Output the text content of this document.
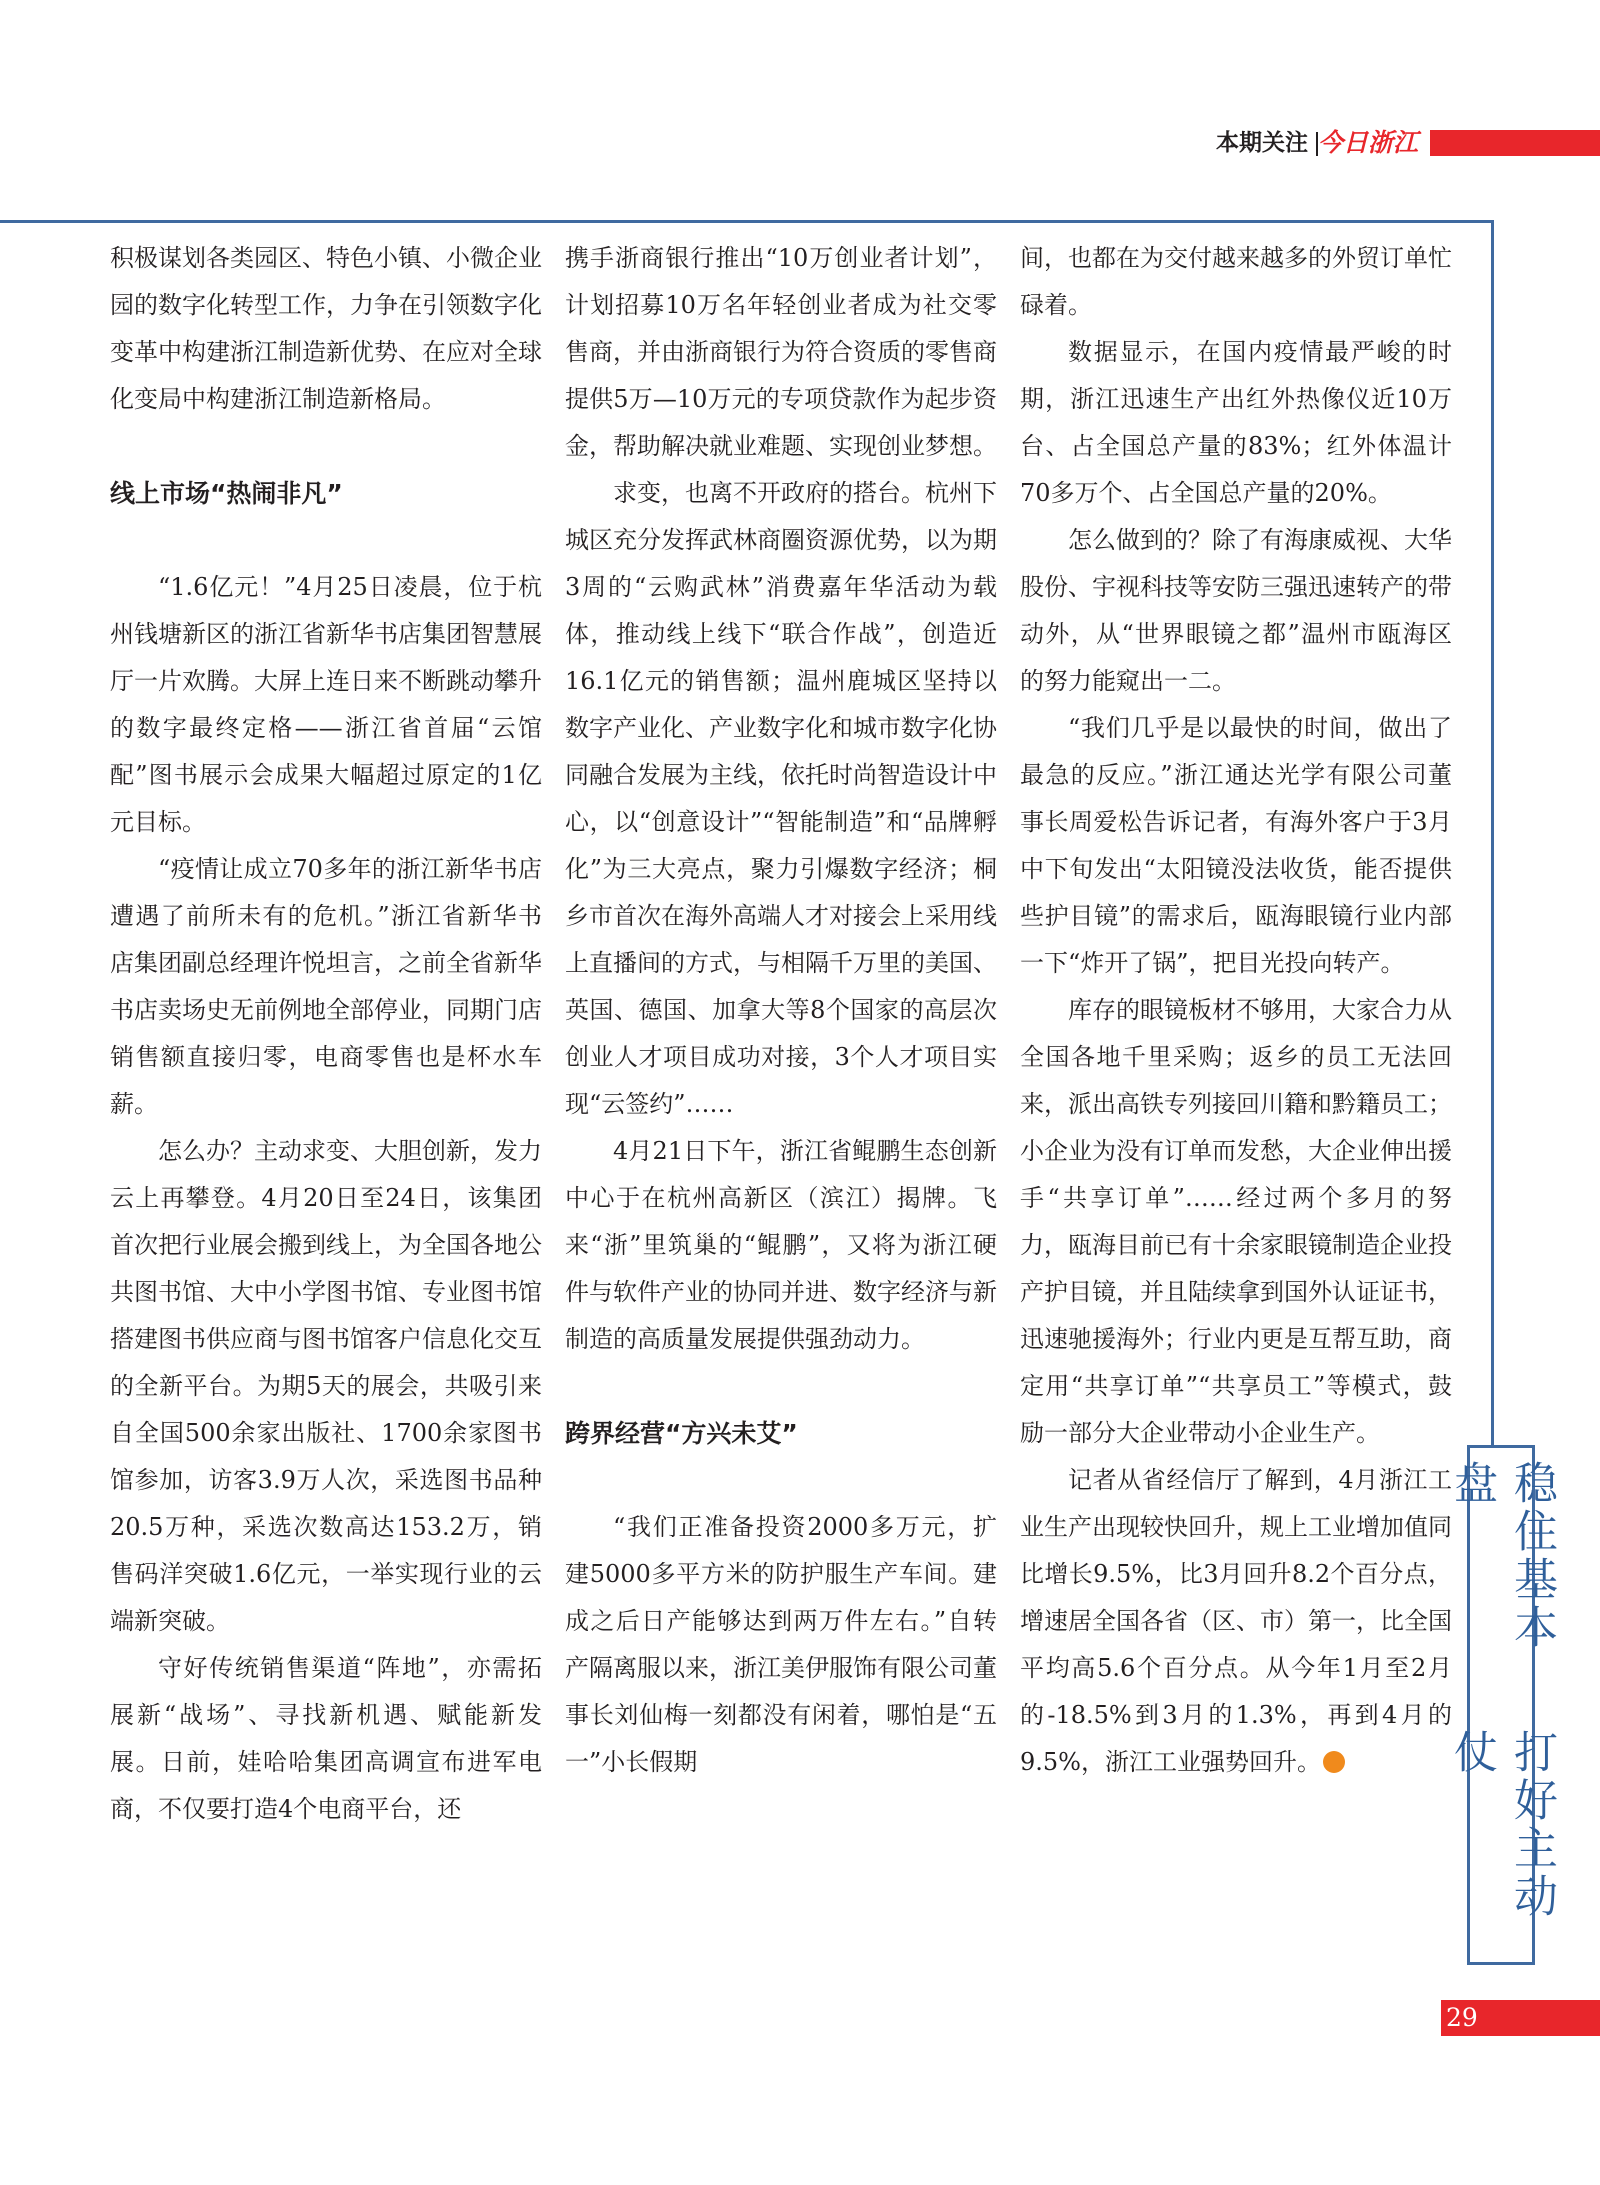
本期关注 今日浙江

积极谋划各类园区、特色小镇、小微企业园的数字化转型工作，力争在引领数字化变革中构建浙江制造新优势、在应对全球化变局中构建浙江制造新格局。

线上市场“热闹非凡”

“1.6亿元！”4月25日凌晨，位于杭州钱塘新区的浙江省新华书店集团智慧展厅一片欢腾。大屏上连日来不断跳动攀升的数字最终定格——浙江省首届“云馆配”图书展示会成果大幅超过原定的1亿元目标。

“疫情让成立70多年的浙江新华书店遭遇了前所未有的危机。”浙江省新华书店集团副总经理许悦坦言，之前全省新华书店卖场史无前例地全部停业，同期门店销售额直接归零，电商零售也是杯水车薪。

怎么办？主动求变、大胆创新，发力云上再攀登。4月20日至24日，该集团首次把行业展会搬到线上，为全国各地公共图书馆、大中小学图书馆、专业图书馆搭建图书供应商与图书馆客户信息化交互的全新平台。为期5天的展会，共吸引来自全国500余家出版社、1700余家图书馆参加，访客3.9万人次，采选图书品种20.5万种，采选次数高达153.2万，销售码洋突破1.6亿元，一举实现行业的云端新突破。

守好传统销售渠道“阵地”，亦需拓展新“战场”、寻找新机遇、赋能新发展。日前，娃哈哈集团高调宣布进军电商，不仅要打造4个电商平台，还

携手浙商银行推出“10万创业者计划”，计划招募10万名年轻创业者成为社交零售商，并由浙商银行为符合资质的零售商提供5万—10万元的专项贷款作为起步资金，帮助解决就业难题、实现创业梦想。

求变，也离不开政府的搭台。杭州下城区充分发挥武林商圈资源优势，以为期3周的“云购武林”消费嘉年华活动为载体，推动线上线下“联合作战”，创造近16.1亿元的销售额；温州鹿城区坚持以数字产业化、产业数字化和城市数字化协同融合发展为主线，依托时尚智造设计中心，以“创意设计”“智能制造”和“品牌孵化”为三大亮点，聚力引爆数字经济；桐乡市首次在海外高端人才对接会上采用线上直播间的方式，与相隔千万里的美国、英国、德国、加拿大等8个国家的高层次创业人才项目成功对接，3个人才项目实现“云签约”……

4月21日下午，浙江省鲲鹏生态创新中心于在杭州高新区（滨江）揭牌。飞来“浙”里筑巢的“鲲鹏”，又将为浙江硬件与软件产业的协同并进、数字经济与新制造的高质量发展提供强劲动力。

跨界经营“方兴未艾”

“我们正准备投资2000多万元，扩建5000多平方米的防护服生产车间。建成之后日产能够达到两万件左右。”自转产隔离服以来，浙江美伊服饰有限公司董事长刘仙梅一刻都没有闲着，哪怕是“五一”小长假期

间，也都在为交付越来越多的外贸订单忙碌着。

数据显示，在国内疫情最严峻的时期，浙江迅速生产出红外热像仪近10万台、占全国总产量的83%；红外体温计70多万个、占全国总产量的20%。

怎么做到的？除了有海康威视、大华股份、宇视科技等安防三强迅速转产的带动外，从“世界眼镜之都”温州市瓯海区的努力能窥出一二。

“我们几乎是以最快的时间，做出了最急的反应。”浙江通达光学有限公司董事长周爱松告诉记者，有海外客户于3月中下旬发出“太阳镜没法收货，能否提供些护目镜”的需求后，瓯海眼镜行业内部一下“炸开了锅”，把目光投向转产。

库存的眼镜板材不够用，大家合力从全国各地千里采购；返乡的员工无法回来，派出高铁专列接回川籍和黔籍员工；小企业为没有订单而发愁，大企业伸出援手“共享订单”……经过两个多月的努力，瓯海目前已有十余家眼镜制造企业投产护目镜，并且陆续拿到国外认证证书，迅速驰援海外；行业内更是互帮互助，商定用“共享订单”“共享员工”等模式，鼓励一部分大企业带动小企业生产。

记者从省经信厅了解到，4月浙江工业生产出现较快回升，规上工业增加值同比增长9.5%，比3月回升8.2个百分点，增速居全国各省（区、市）第一，比全国平均高5.6个百分点。从今年1月至2月的-18.5%到3月的1.3%，再到4月的9.5%，浙江工业强势回升。

稳住基本盘
打好主动仗
29
